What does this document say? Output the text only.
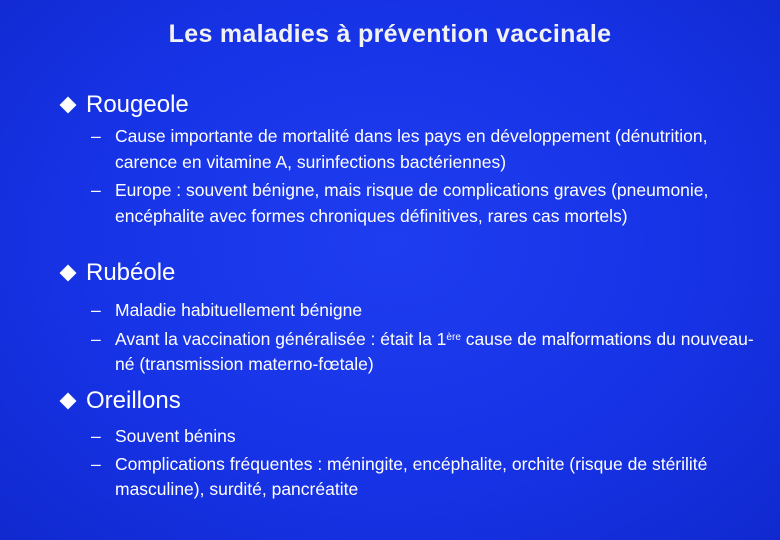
Les maladies à prévention vaccinale
Rougeole
– Cause importante de mortalité dans les pays en développement (dénutrition, carence en vitamine A, surinfections bactériennes)
– Europe : souvent bénigne, mais risque de complications graves (pneumonie, encéphalite avec formes chroniques définitives, rares cas mortels)
Rubéole
– Maladie habituellement bénigne
– Avant la vaccination généralisée : était la 1ère cause de malformations du nouveau-né (transmission materno-fœtale)
Oreillons
– Souvent bénins
– Complications fréquentes : méningite, encéphalite, orchite (risque de stérilité masculine), surdité, pancréatite
